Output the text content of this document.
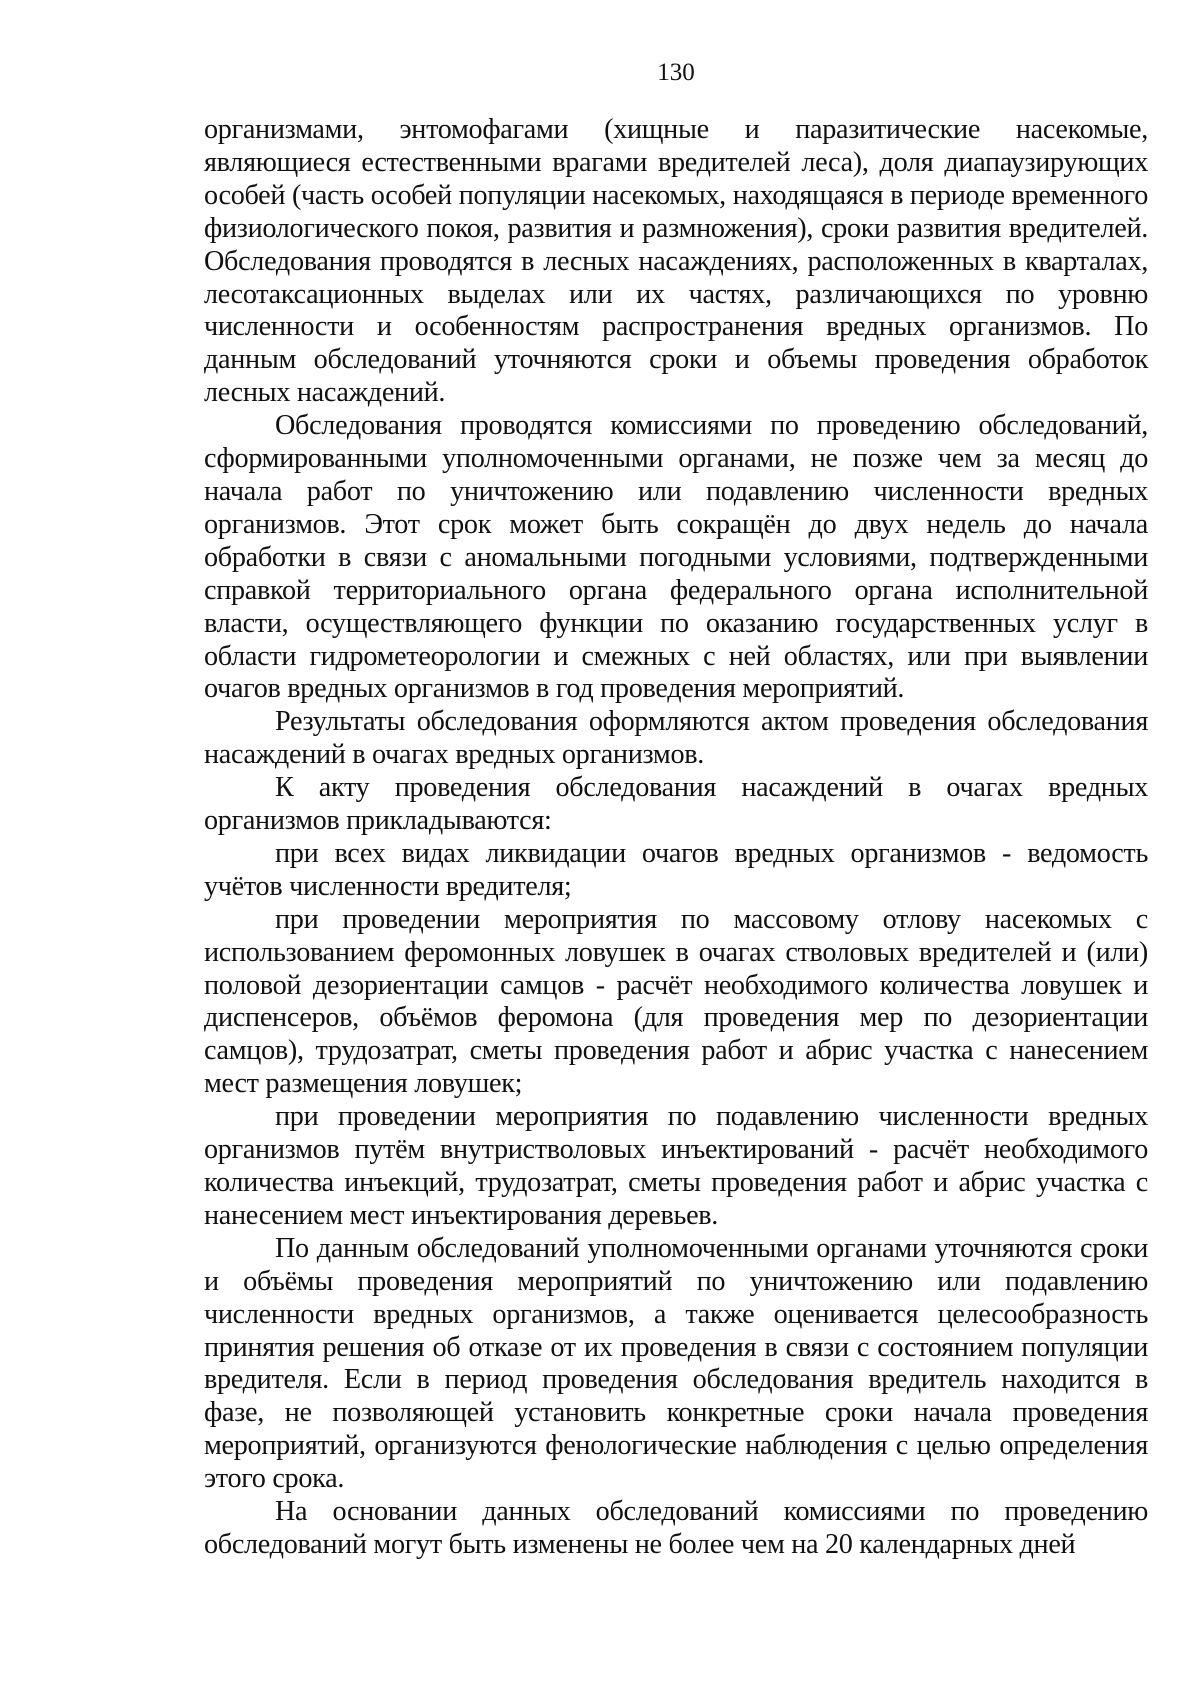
130

организмами, энтомофагами (хищные и паразитические насекомые, являющиеся естественными врагами вредителей леса), доля диапаузирующих особей (часть особей популяции насекомых, находящаяся в периоде временного физиологического покоя, развития и размножения), сроки развития вредителей. Обследования проводятся в лесных насаждениях, расположенных в кварталах, лесотаксационных выделах или их частях, различающихся по уровню численности и особенностям распространения вредных организмов. По данным обследований уточняются сроки и объемы проведения обработок лесных насаждений.

Обследования проводятся комиссиями по проведению обследований, сформированными уполномоченными органами, не позже чем за месяц до начала работ по уничтожению или подавлению численности вредных организмов. Этот срок может быть сокращён до двух недель до начала обработки в связи с аномальными погодными условиями, подтвержденными справкой территориального органа федерального органа исполнительной власти, осуществляющего функции по оказанию государственных услуг в области гидрометеорологии и смежных с ней областях, или при выявлении очагов вредных организмов в год проведения мероприятий.

Результаты обследования оформляются актом проведения обследования насаждений в очагах вредных организмов.

К акту проведения обследования насаждений в очагах вредных организмов прикладываются:

при всех видах ликвидации очагов вредных организмов - ведомость учётов численности вредителя;

при проведении мероприятия по массовому отлову насекомых с использованием феромонных ловушек в очагах стволовых вредителей и (или) половой дезориентации самцов - расчёт необходимого количества ловушек и диспенсеров, объёмов феромона (для проведения мер по дезориентации самцов), трудозатрат, сметы проведения работ и абрис участка с нанесением мест размещения ловушек;

при проведении мероприятия по подавлению численности вредных организмов путём внутристволовых инъектирований - расчёт необходимого количества инъекций, трудозатрат, сметы проведения работ и абрис участка с нанесением мест инъектирования деревьев.

По данным обследований уполномоченными органами уточняются сроки и объёмы проведения мероприятий по уничтожению или подавлению численности вредных организмов, а также оценивается целесообразность принятия решения об отказе от их проведения в связи с состоянием популяции вредителя. Если в период проведения обследования вредитель находится в фазе, не позволяющей установить конкретные сроки начала проведения мероприятий, организуются фенологические наблюдения с целью определения этого срока.

На основании данных обследований комиссиями по проведению обследований могут быть изменены не более чем на 20 календарных дней
